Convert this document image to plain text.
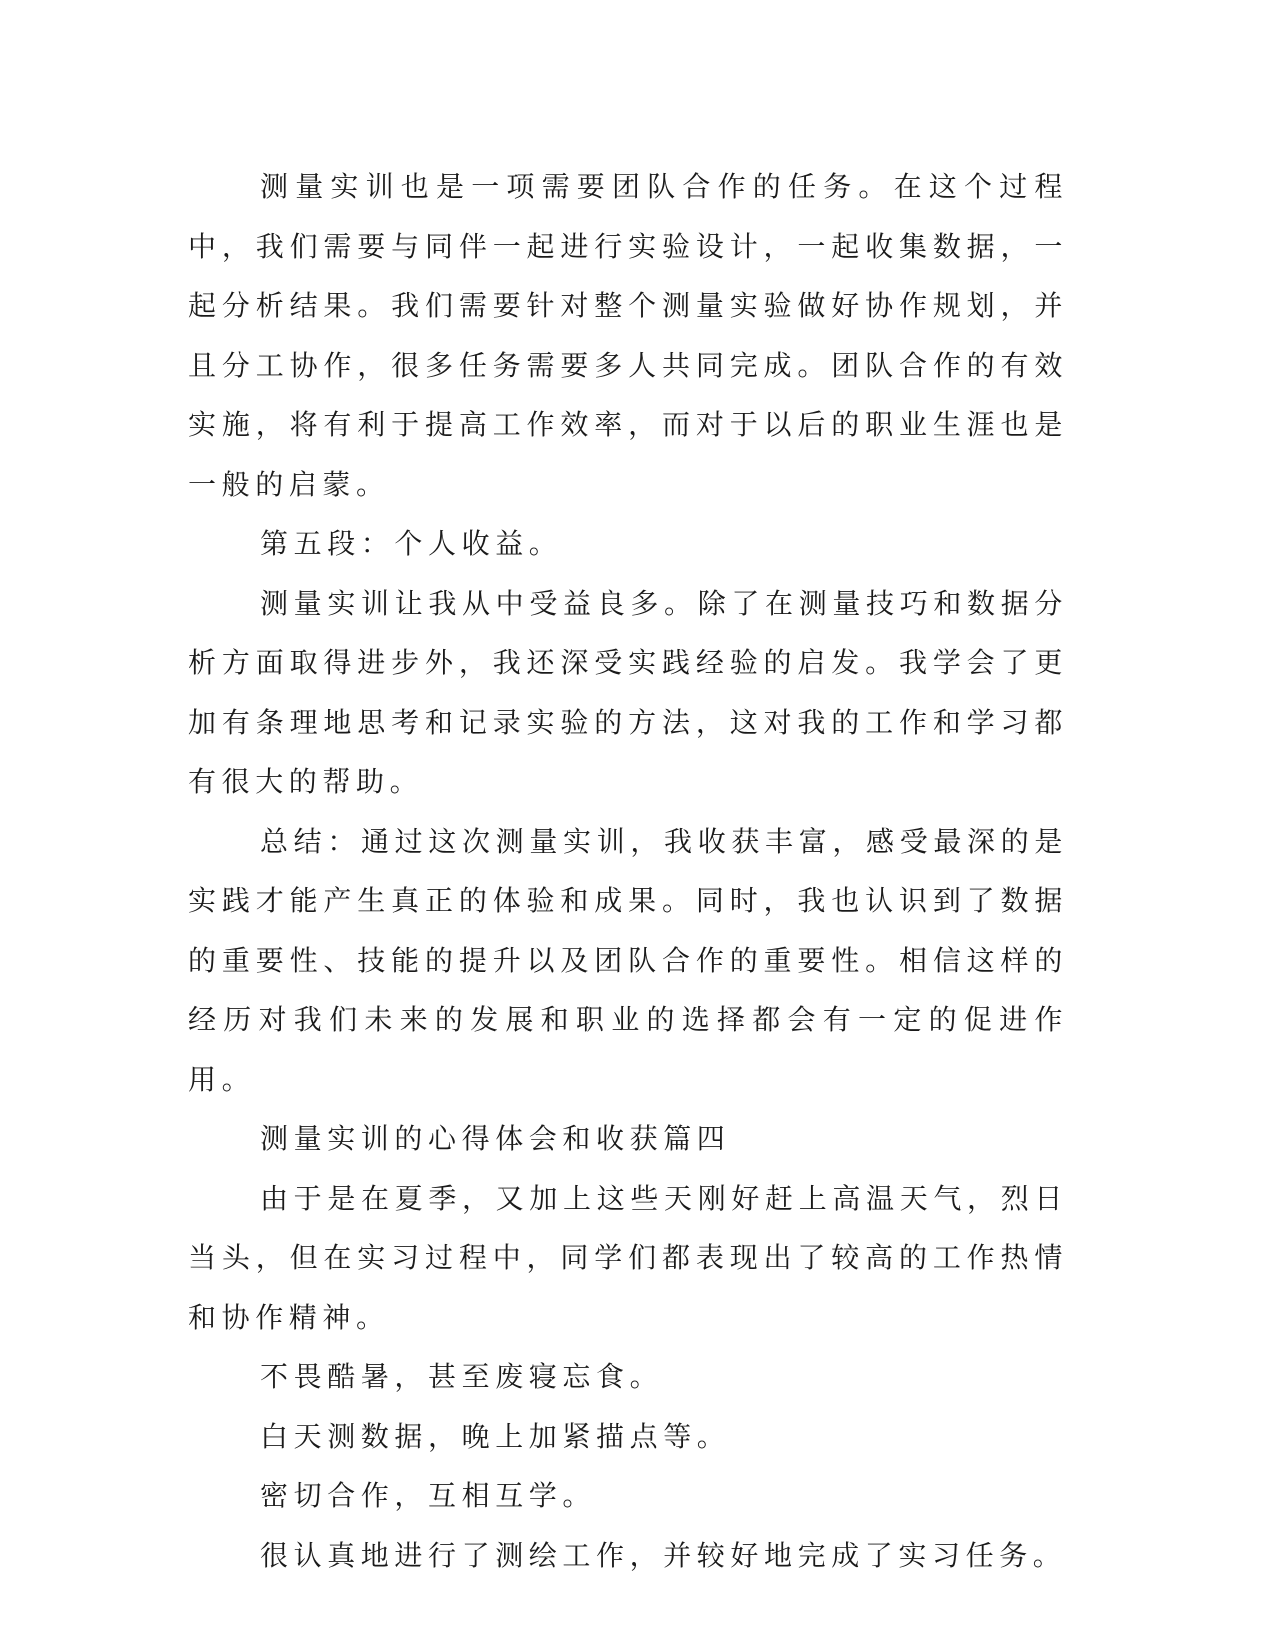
测量实训也是一项需要团队合作的任务。在这个过程中，我们需要与同伴一起进行实验设计，一起收集数据，一起分析结果。我们需要针对整个测量实验做好协作规划，并且分工协作，很多任务需要多人共同完成。团队合作的有效实施，将有利于提高工作效率，而对于以后的职业生涯也是一般的启蒙。

第五段：个人收益。

测量实训让我从中受益良多。除了在测量技巧和数据分析方面取得进步外，我还深受实践经验的启发。我学会了更加有条理地思考和记录实验的方法，这对我的工作和学习都有很大的帮助。

总结：通过这次测量实训，我收获丰富，感受最深的是实践才能产生真正的体验和成果。同时，我也认识到了数据的重要性、技能的提升以及团队合作的重要性。相信这样的经历对我们未来的发展和职业的选择都会有一定的促进作用。

测量实训的心得体会和收获篇四

由于是在夏季，又加上这些天刚好赶上高温天气，烈日当头，但在实习过程中，同学们都表现出了较高的工作热情和协作精神。

不畏酷暑，甚至废寝忘食。

白天测数据，晚上加紧描点等。

密切合作，互相互学。

很认真地进行了测绘工作，并较好地完成了实习任务。
